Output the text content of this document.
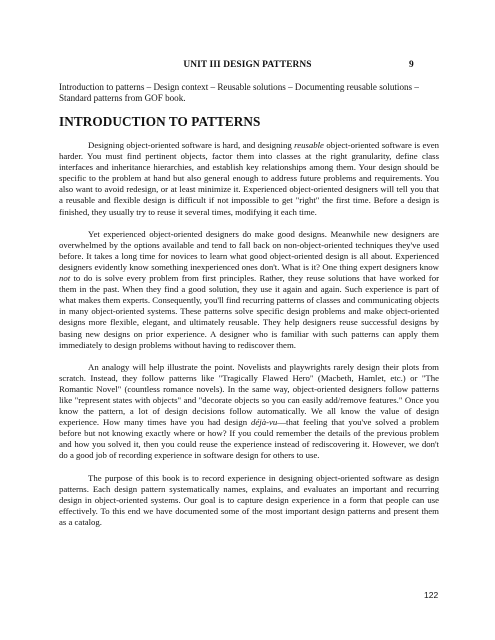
UNIT III DESIGN PATTERNS	9
Introduction to patterns – Design context – Reusable solutions – Documenting reusable solutions – Standard patterns from GOF book.
INTRODUCTION TO PATTERNS

Designing object-oriented software is hard, and designing reusable object-oriented software is even harder. You must find pertinent objects, factor them into classes at the right granularity, define class interfaces and inheritance hierarchies, and establish key relationships among them. Your design should be specific to the problem at hand but also general enough to address future problems and requirements. You also want to avoid redesign, or at least minimize it. Experienced object-oriented designers will tell you that a reusable and flexible design is difficult if not impossible to get "right" the first time. Before a design is finished, they usually try to reuse it several times, modifying it each time.

Yet experienced object-oriented designers do make good designs. Meanwhile new designers are overwhelmed by the options available and tend to fall back on non-object-oriented techniques they've used before. It takes a long time for novices to learn what good object-oriented design is all about. Experienced designers evidently know something inexperienced ones don't. What is it? One thing expert designers know not to do is solve every problem from first principles. Rather, they reuse solutions that have worked for them in the past. When they find a good solution, they use it again and again. Such experience is part of what makes them experts. Consequently, you'll find recurring patterns of classes and communicating objects in many object-oriented systems. These patterns solve specific design problems and make object-oriented designs more flexible, elegant, and ultimately reusable. They help designers reuse successful designs by basing new designs on prior experience. A designer who is familiar with such patterns can apply them immediately to design problems without having to rediscover them.

An analogy will help illustrate the point. Novelists and playwrights rarely design their plots from scratch. Instead, they follow patterns like "Tragically Flawed Hero" (Macbeth, Hamlet, etc.) or "The Romantic Novel" (countless romance novels). In the same way, object-oriented designers follow patterns like "represent states with objects" and "decorate objects so you can easily add/remove features." Once you know the pattern, a lot of design decisions follow automatically. We all know the value of design experience. How many times have you had design déjà-vu—that feeling that you've solved a problem before but not knowing exactly where or how? If you could remember the details of the previous problem and how you solved it, then you could reuse the experience instead of rediscovering it. However, we don't do a good job of recording experience in software design for others to use.

The purpose of this book is to record experience in designing object-oriented software as design patterns. Each design pattern systematically names, explains, and evaluates an important and recurring design in object-oriented systems. Our goal is to capture design experience in a form that people can use effectively. To this end we have documented some of the most important design patterns and present them as a catalog.

122
